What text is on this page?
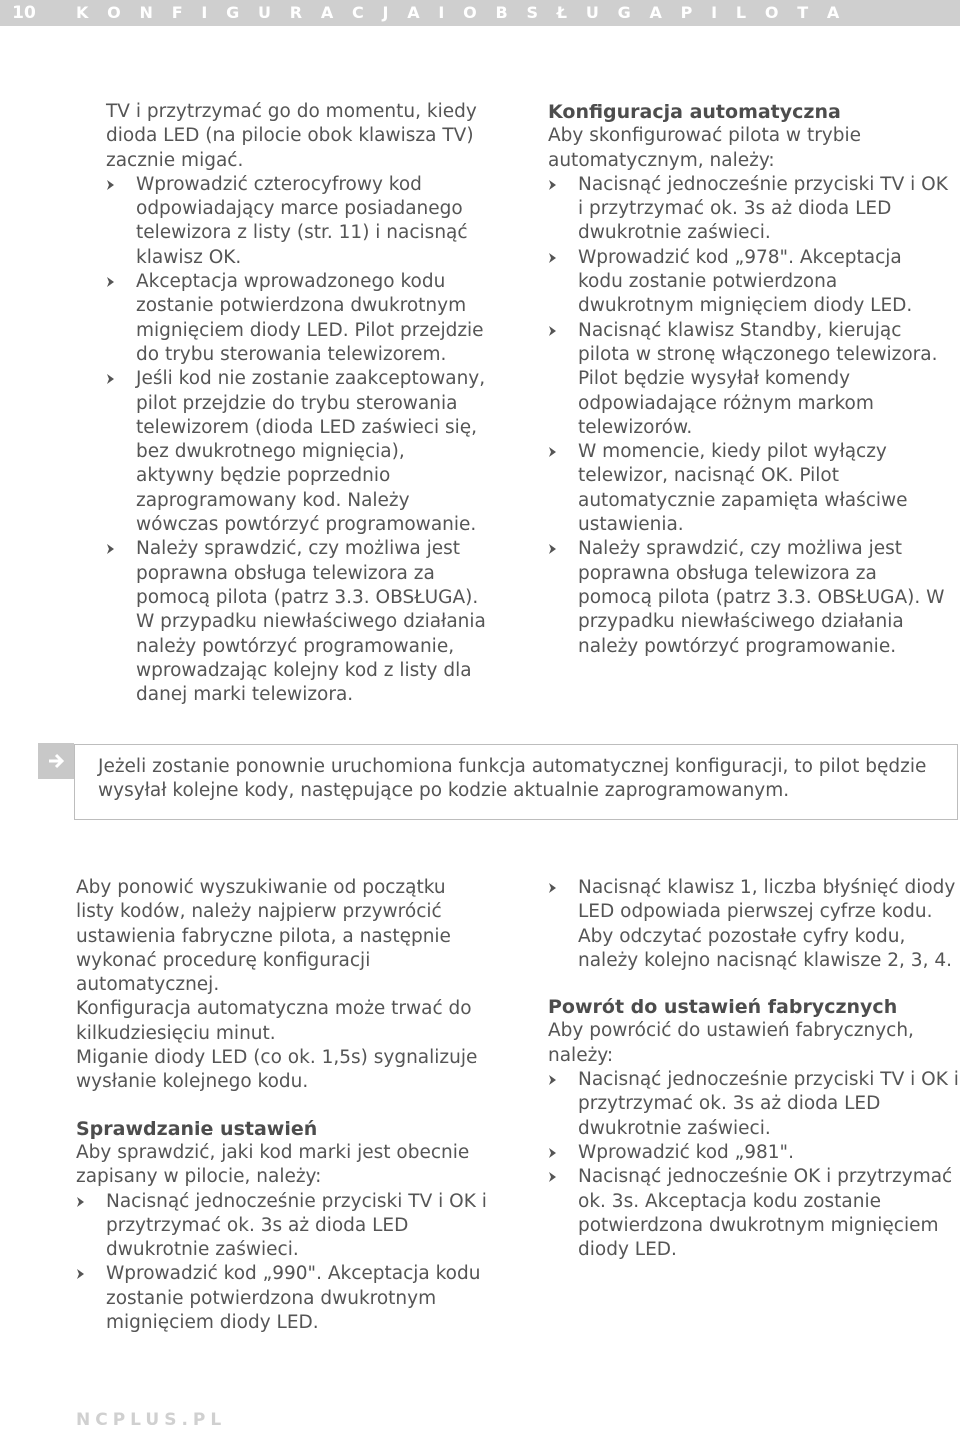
10	K O N F I G U R A C J A I O B S Ł U G A P I L O T A

TV i przytrzymać go do momentu, kiedy dioda LED (na pilocie obok klawisza TV) zacznie migać.

Wprowadzić czterocyfrowy kod odpowiadający marce posiadanego telewizora z listy (str. 11) i nacisnąć klawisz OK.
Akceptacja wprowadzonego kodu zostanie potwierdzona dwukrotnym mignięciem diody LED. Pilot przejdzie do trybu sterowania telewizorem.
Jeśli kod nie zostanie zaakceptowany, pilot przejdzie do trybu sterowania telewizorem (dioda LED zaświeci się, bez dwukrotnego mignięcia), aktywny będzie poprzednio zaprogramowany kod. Należy wówczas powtórzyć programowanie.
Należy sprawdzić, czy możliwa jest poprawna obsługa telewizora za pomocą pilota (patrz 3.3. OBSŁUGA). W przypadku niewłaściwego działania należy powtórzyć programowanie, wprowadzając kolejny kod z listy dla danej marki telewizora.
Konfiguracja automatyczna

Aby skonfigurować pilota w trybie automatycznym, należy:

Nacisnąć jednocześnie przyciski TV i OK i przytrzymać ok. 3s aż dioda LED dwukrotnie zaświeci.
Wprowadzić kod „978". Akceptacja kodu zostanie potwierdzona dwukrotnym mignięciem diody LED.
Nacisnąć klawisz Standby, kierując pilota w stronę włączonego telewizora. Pilot będzie wysyłał komendy odpowiadające różnym markom telewizorów.
W momencie, kiedy pilot wyłączy telewizor, nacisnąć OK. Pilot automatycznie zapamięta właściwe ustawienia.
Należy sprawdzić, czy możliwa jest poprawna obsługa telewizora za pomocą pilota (patrz 3.3. OBSŁUGA). W przypadku niewłaściwego działania należy powtórzyć programowanie.
Jeżeli zostanie ponownie uruchomiona funkcja automatycznej konfiguracji, to pilot będzie wysyłał kolejne kody, następujące po kodzie aktualnie zaprogramowanym.

Aby ponowić wyszukiwanie od początku listy kodów, należy najpierw przywrócić ustawienia fabryczne pilota, a następnie wykonać procedurę konfiguracji automatycznej.

Konfiguracja automatyczna może trwać do kilkudziesięciu minut.

Miganie diody LED (co ok. 1,5s) sygnalizuje wysłanie kolejnego kodu.

Sprawdzanie ustawień

Aby sprawdzić, jaki kod marki jest obecnie zapisany w pilocie, należy:

Nacisnąć jednocześnie przyciski TV i OK i przytrzymać ok. 3s aż dioda LED dwukrotnie zaświeci.
Wprowadzić kod „990". Akceptacja kodu zostanie potwierdzona dwukrotnym mignięciem diody LED.
Nacisnąć klawisz 1, liczba błyśnięć diody LED odpowiada pierwszej cyfrze kodu.

Aby odczytać pozostałe cyfry kodu, należy kolejno nacisnąć klawisze 2, 3, 4.

Powrót do ustawień fabrycznych

Aby powrócić do ustawień fabrycznych, należy:

Nacisnąć jednocześnie przyciski TV i OK i przytrzymać ok. 3s aż dioda LED dwukrotnie zaświeci.
Wprowadzić kod „981".
Nacisnąć jednocześnie OK i przytrzymać ok. 3s. Akceptacja kodu zostanie potwierdzona dwukrotnym mignięciem diody LED.
NCPLUS.PL
